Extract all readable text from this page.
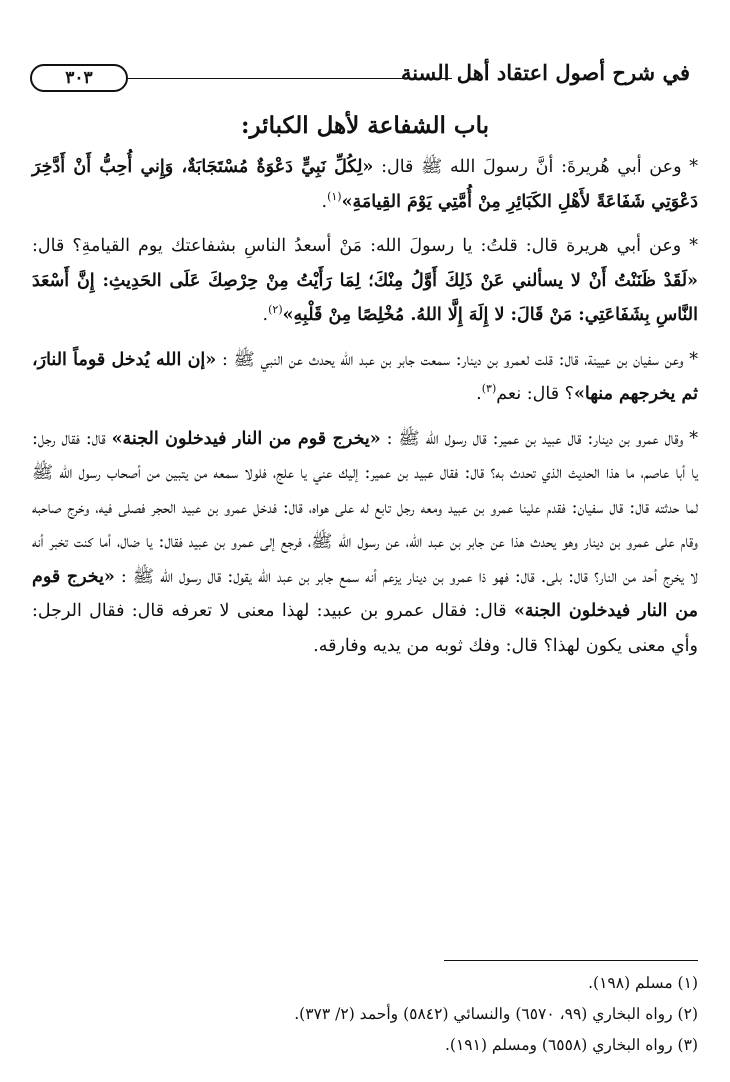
٣٠٣	في شرح أصول اعتقاد أهل السنة
باب الشفاعة لأهل الكبائر:

* وعن أبي هُريرةَ: أنَّ رسولَ الله ﷺ قال: «لِكُلِّ نَبِيٍّ دَعْوَةٌ مُسْتَجَابَةٌ، وَإِني أُحِبُّ أَنْ أَدَّخِرَ دَعْوَتِي شَفَاعَةً لأَهْلِ الكَبَائِرِ مِنْ أُمَّتِي يَوْمَ القِيامَةِ»$^{(١)}$.

* وعن أبي هريرة قال: قلتُ: يا رسولَ الله: مَنْ أسعدُ الناسِ بشفاعتك يوم القيامةِ؟ قال: «لَقَدْ ظَنَنْتُ أَنْ لا يسألني عَنْ ذَلِكَ أَوَّلُ مِنْكَ؛ لِمَا رَأَيْتُ مِنْ حِرْصِكَ عَلَى الحَدِيثِ: إِنَّ أَسْعَدَ النَّاسِ بِشَفَاعَتِي: مَنْ قَالَ: لا إِلَهَ إِلَّا اللهُ. مُخْلِصًا مِنْ قَلْبِهِ»$^{(٢)}$.

* وعن سفيان بن عيينة، قال: قلت لعمرو بن دينار: سمعت جابر بن عبد الله يحدث عن النبي ﷺ : «إن الله يُدخل قوماً النارَ، ثم يخرجهم منها»؟ قال: نعم$^{(٣)}$.

* وقال عمرو بن دينار: قال عبيد بن عمير: قال رسول الله ﷺ : «يخرج قوم من النار فيدخلون الجنة» قال: فقال رجل: يا أبا عاصم، ما هذا الحديث الذي تحدث به؟ قال: فقال عبيد بن عمير: إليك عني يا علج، فلولا سمعه من يتبين من أصحاب رسول الله ﷺ لما حدثته قال: قال سفيان: فقدم علينا عمرو بن عبيد ومعه رجل تابع له على هواه، قال: فدخل عمرو بن عبيد الحجر فصلى فيه، وخرج صاحبه وقام على عمرو بن دينار وهو يحدث هذا عن جابر بن عبد الله، عن رسول الله ﷺ، فرجع إلى عمرو بن عبيد فقال: يا ضال، أما كنت تخبر أنه لا يخرج أحد من النار؟ قال: بلى. قال: فهو ذا عمرو بن دينار يزعم أنه سمع جابر بن عبد الله يقول: قال رسول الله ﷺ : «يخرج قوم من النار فيدخلون الجنة» قال: فقال عمرو بن عبيد: لهذا معنى لا تعرفه قال: فقال الرجل: وأي معنى يكون لهذا؟ قال: وفك ثوبه من يديه وفارقه.

(١) مسلم (١٩٨).
(٢) رواه البخاري (٩٩، ٦٥٧٠) والنسائي (٥٨٤٢) وأحمد (٢/ ٣٧٣).
(٣) رواه البخاري (٦٥٥٨) ومسلم (١٩١).
